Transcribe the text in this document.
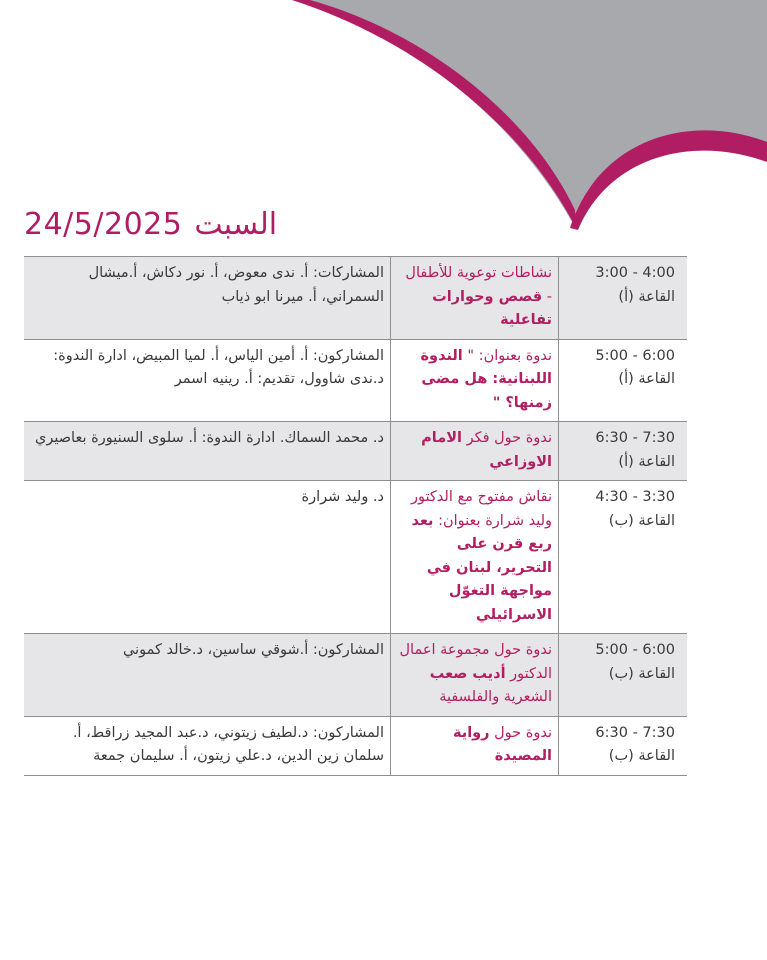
24/5/2025 السبت
3:00 - 4:00
القاعة (أ)	نشاطات توعوية للأطفال - قصص وحوارات تفاعلية	المشاركات: أ. ندى معوض، أ. نور دكاش، أ.ميشال السمراني، أ. ميرنا ابو ذياب

5:00 - 6:00
القاعة (أ)	ندوة بعنوان: " الندوة اللبنانية: هل مضى زمنها؟ "	المشاركون: أ. أمين الياس، أ. لميا المبيض، ادارة الندوة: د.ندى شاوول، تقديم: أ. رينيه اسمر

6:30 - 7:30
القاعة (أ)	ندوة حول فكر الامام الاوزاعي	د. محمد السماك. ادارة الندوة: أ. سلوى السنيورة بعاصيري

4:30 - 3:30
القاعة (ب)	نقاش مفتوح مع الدكتور وليد شرارة بعنوان: بعد ربع قرن على التحرير، لبنان في مواجهة التغوّل الاسرائيلي	د. وليد شرارة

5:00 - 6:00
القاعة (ب)	ندوة حول مجموعة اعمال الدكتور أديب صعب الشعرية والفلسفية	المشاركون: أ.شوقي ساسين، د.خالد كموني

6:30 - 7:30
القاعة (ب)	ندوة حول رواية المصيدة	المشاركون: د.لطيف زيتوني، د.عبد المجيد زراقط، أ. سلمان زين الدين، د.علي زيتون، أ. سليمان جمعة
